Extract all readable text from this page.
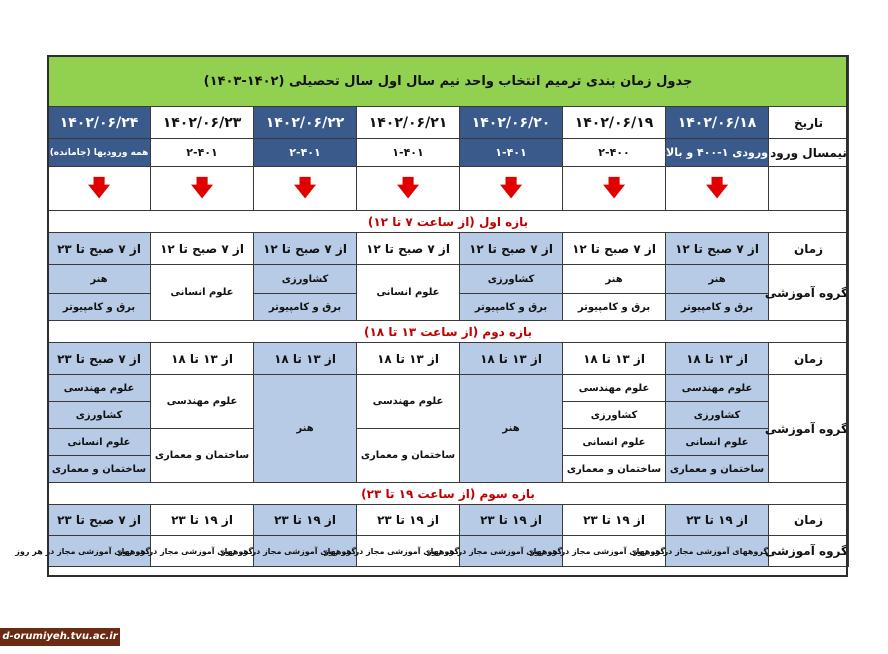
جدول زمان بندی ترمیم انتخاب واحد نیم سال اول سال تحصیلی (۱۴۰۲-۱۴۰۳)							
تاریخ	۱۴۰۲/۰۶/۱۸	۱۴۰۲/۰۶/۱۹	۱۴۰۲/۰۶/۲۰	۱۴۰۲/۰۶/۲۱	۱۴۰۲/۰۶/۲۲	۱۴۰۲/۰۶/۲۳	۱۴۰۲/۰۶/۲۴
نیمسال ورود	ورودی ۱-۴۰۰ و بالاتر	۲-۴۰۰	۱-۴۰۱	۱-۴۰۱	۲-۴۰۱	۲-۴۰۱	همه ورودیها (جامانده)
	🡇	🡇	🡇	🡇	🡇	🡇	🡇
بازه اول (از ساعت ۷ تا ۱۲)							
زمان	از ۷ صبح تا ۱۲	از ۷ صبح تا ۱۲	از ۷ صبح تا ۱۲	از ۷ صبح تا ۱۲	از ۷ صبح تا ۱۲	از ۷ صبح تا ۱۲	از ۷ صبح تا ۲۳
گروه آموزشی	هنر	هنر	کشاورزی	علوم انسانی	کشاورزی	علوم انسانی	هنر
	برق و کامپیوتر	برق و کامپیوتر	برق و کامپیوتر		برق و کامپیوتر		برق و کامپیوتر
بازه دوم (از ساعت ۱۳ تا ۱۸)							
زمان	از ۱۳ تا ۱۸	از ۱۳ تا ۱۸	از ۱۳ تا ۱۸	از ۱۳ تا ۱۸	از ۱۳ تا ۱۸	از ۱۳ تا ۱۸	از ۷ صبح تا ۲۳
گروه آموزشی	علوم مهندسی	علوم مهندسی	هنر	علوم مهندسی	هنر	علوم مهندسی	علوم مهندسی
	کشاورزی	کشاورزی					کشاورزی
	علوم انسانی	علوم انسانی		ساختمان و معماری		ساختمان و معماری	علوم انسانی
	ساختمان و معماری	ساختمان و معماری					ساختمان و معماری
بازه سوم (از ساعت ۱۹ تا ۲۳)							
زمان	از ۱۹ تا ۲۳	از ۱۹ تا ۲۳	از ۱۹ تا ۲۳	از ۱۹ تا ۲۳	از ۱۹ تا ۲۳	از ۱۹ تا ۲۳	از ۷ صبح تا ۲۳
گروه آموزشی	گروههای آموزشی مجاز در هر روز	گروههای آموزشی مجاز در هر روز	گروههای آموزشی مجاز در هر روز	گروههای آموزشی مجاز در هر روز	گروههای آموزشی مجاز در هر روز	گروههای آموزشی مجاز در هر روز	گروههای آموزشی مجاز در هر روز
d-orumiyeh.tvu.ac.ir
